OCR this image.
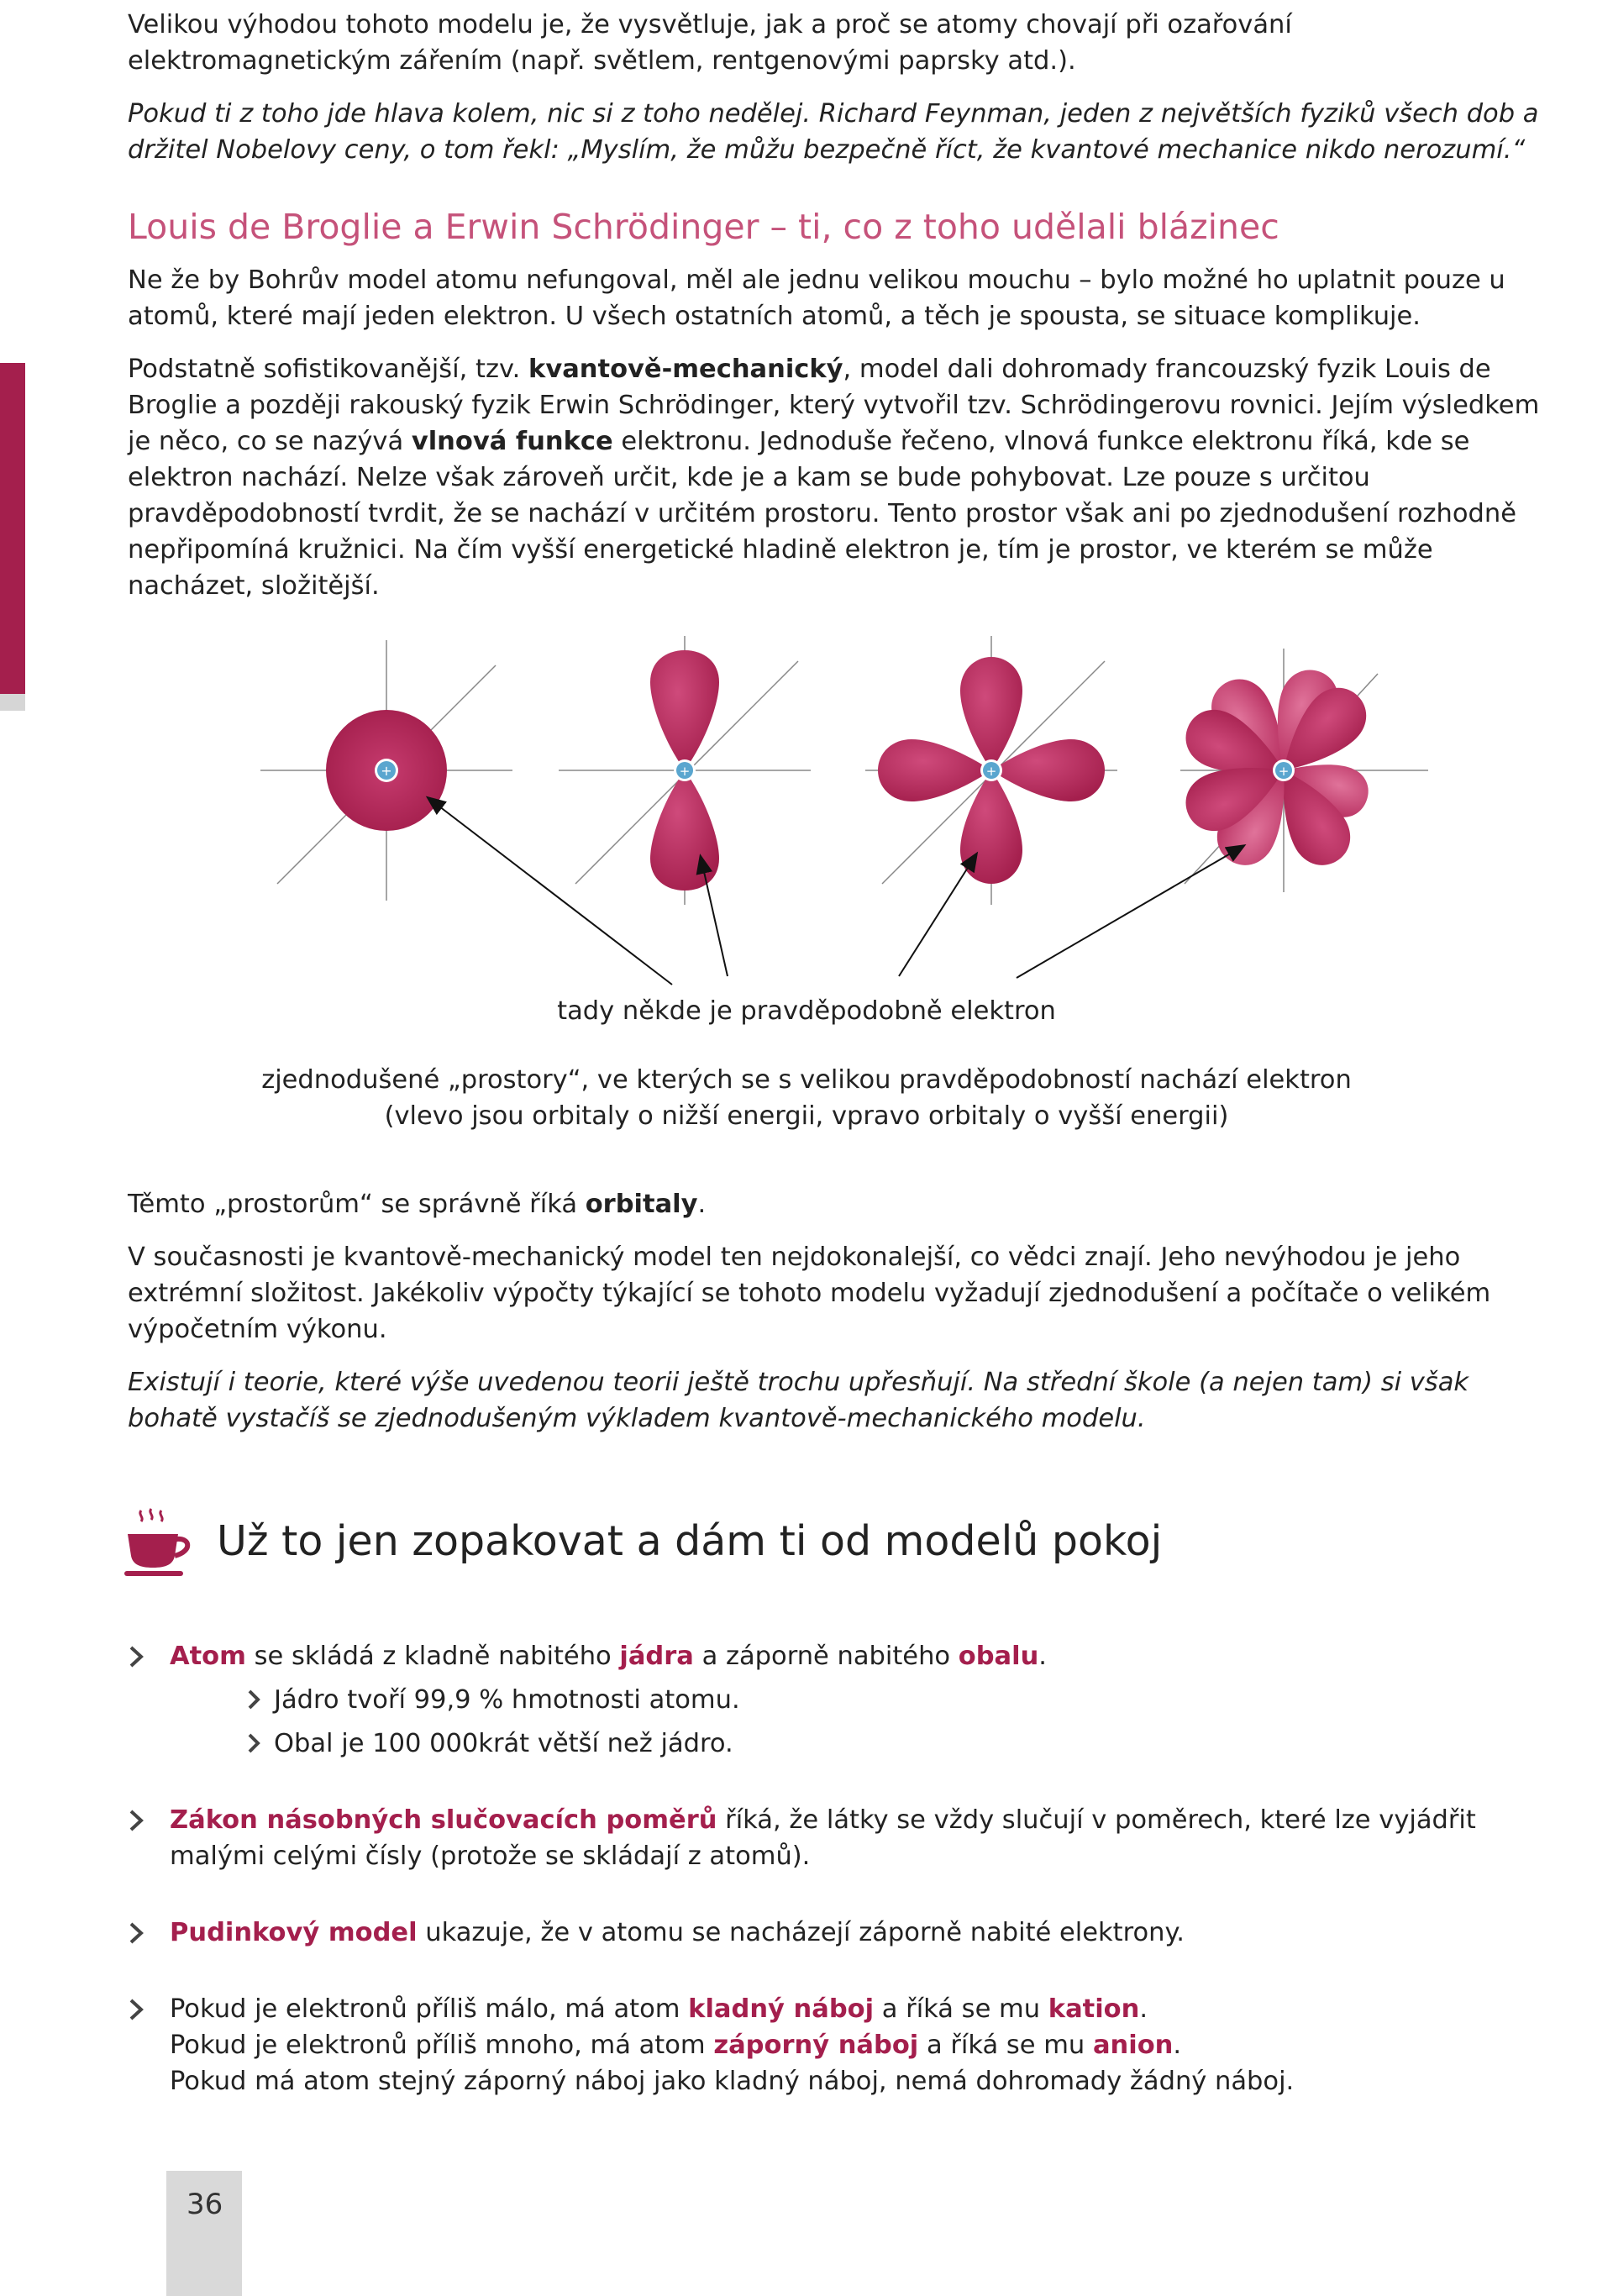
Velikou výhodou tohoto modelu je, že vysvětluje, jak a proč se atomy chovají při ozařování elektromagnetickým zářením (např. světlem, rentgenovými paprsky atd.).

Pokud ti z toho jde hlava kolem, nic si z toho nedělej. Richard Feynman, jeden z největších fyziků všech dob a držitel Nobelovy ceny, o tom řekl: „Myslím, že můžu bezpečně říct, že kvantové mechanice nikdo nerozumí.“

Louis de Broglie a Erwin Schrödinger – ti, co z toho udělali blázinec

Ne že by Bohrův model atomu nefungoval, měl ale jednu velikou mouchu – bylo možné ho uplatnit pouze u atomů, které mají jeden elektron. U všech ostatních atomů, a těch je spousta, se situace komplikuje.

Podstatně sofistikovanější, tzv. kvantově-mechanický, model dali dohromady francouzský fyzik Louis de Broglie a později rakouský fyzik Erwin Schrödinger, který vytvořil tzv. Schrödingerovu rovnici. Jejím výsledkem je něco, co se nazývá vlnová funkce elektronu. Jednoduše řečeno, vlnová funkce elektronu říká, kde se elektron nachází. Nelze však zároveň určit, kde je a kam se bude pohybovat. Lze pouze s určitou pravděpodobností tvrdit, že se nachází v určitém prostoru. Tento prostor však ani po zjednodušení rozhodně nepřipomíná kružnici. Na čím vyšší energetické hladině elektron je, tím je prostor, ve kterém se může nacházet, složitější.

+	+	+	+
tady někde je pravděpodobně elektron
zjednodušené „prostory“, ve kterých se s velikou pravděpodobností nachází elektron
(vlevo jsou orbitaly o nižší energii, vpravo orbitaly o vyšší energii)

Těmto „prostorům“ se správně říká orbitaly.

V současnosti je kvantově-mechanický model ten nejdokonalejší, co vědci znají. Jeho nevýhodou je jeho extrémní složitost. Jakékoliv výpočty týkající se tohoto modelu vyžadují zjednodušení a počítače o velikém výpočetním výkonu.

Existují i teorie, které výše uvedenou teorii ještě trochu upřesňují. Na střední škole (a nejen tam) si však bohatě vystačíš se zjednodušeným výkladem kvantově-mechanického modelu.

Už to jen zopakovat a dám ti od modelů pokoj
Atom se skládá z kladně nabitého jádra a záporně nabitého obalu.
Jádro tvoří 99,9 % hmotnosti atomu.
Obal je 100 000krát větší než jádro.
Zákon násobných slučovacích poměrů říká, že látky se vždy slučují v poměrech, které lze vyjádřit malými celými čísly (protože se skládají z atomů).
Pudinkový model ukazuje, že v atomu se nacházejí záporně nabité elektrony.
Pokud je elektronů příliš málo, má atom kladný náboj a říká se mu kation.
Pokud je elektronů příliš mnoho, má atom záporný náboj a říká se mu anion.
Pokud má atom stejný záporný náboj jako kladný náboj, nemá dohromady žádný náboj.
36
